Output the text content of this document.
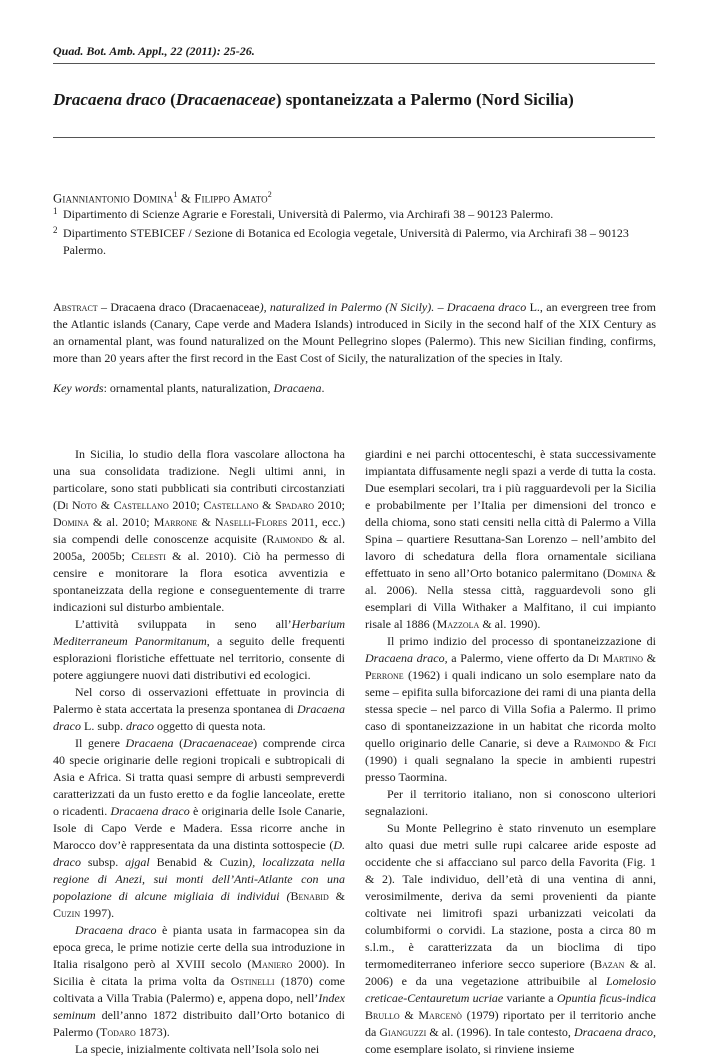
Quad. Bot. Amb. Appl., 22 (2011): 25-26.
Dracaena draco (Dracaenaceae) spontaneizzata a Palermo (Nord Sicilia)
Gianniantonio Domina$^1$ & Filippo Amato$^2$
1 Dipartimento di Scienze Agrarie e Forestali, Università di Palermo, via Archirafi 38 – 90123 Palermo.
2 Dipartimento STEBICEF / Sezione di Botanica ed Ecologia vegetale, Università di Palermo, via Archirafi 38 – 90123 Palermo.
Abstract – Dracaena draco (Dracaenaceae), naturalized in Palermo (N Sicily). – Dracaena draco L., an evergreen tree from the Atlantic islands (Canary, Cape verde and Madera Islands) introduced in Sicily in the second half of the XIX Century as an ornamental plant, was found naturalized on the Mount Pellegrino slopes (Palermo). This new Sicilian finding, confirms, more than 20 years after the first record in the East Cost of Sicily, the naturalization of the species in Italy.
Key words: ornamental plants, naturalization, Dracaena.

In Sicilia, lo studio della flora vascolare alloctona ha una sua consolidata tradizione. Negli ultimi anni, in particolare, sono stati pubblicati sia contributi circostanziati (Di Noto & Castellano 2010; Castellano & Spadaro 2010; Domina & al. 2010; Marrone & Naselli-Flores 2011, ecc.) sia compendi delle conoscenze acquisite (Raimondo & al. 2005a, 2005b; Celesti & al. 2010). Ciò ha permesso di censire e monitorare la flora esotica avventizia e spontaneizzata della regione e conseguentemente di trarre indicazioni sul disturbo ambientale.

L’attività sviluppata in seno all’Herbarium Mediterraneum Panormitanum, a seguito delle frequenti esplorazioni floristiche effettuate nel territorio, consente di potere aggiungere nuovi dati distributivi ed ecologici.

Nel corso di osservazioni effettuate in provincia di Palermo è stata accertata la presenza spontanea di Dracaena draco L. subp. draco oggetto di questa nota.

Il genere Dracaena (Dracaenaceae) comprende circa 40 specie originarie delle regioni tropicali e subtropicali di Asia e Africa. Si tratta quasi sempre di arbusti sempreverdi caratterizzati da un fusto eretto e da foglie lanceolate, erette o ricadenti. Dracaena draco è originaria delle Isole Canarie, Isole di Capo Verde e Madera. Essa ricorre anche in Marocco dov’è rappresentata da una distinta sottospecie (D. draco subsp. ajgal Benabid & Cuzin), localizzata nella regione di Anezi, sui monti dell’Anti-Atlante con una popolazione di alcune migliaia di individui (Benabid & Cuzin 1997).

Dracaena draco è pianta usata in farmacopea sin da epoca greca, le prime notizie certe della sua introduzione in Italia risalgono però al XVIII secolo (Maniero 2000). In Sicilia è citata la prima volta da Ostinelli (1870) come coltivata a Villa Trabia (Palermo) e, appena dopo, nell’Index seminum dell’anno 1872 distribuito dall’Orto botanico di Palermo (Todaro 1873).

La specie, inizialmente coltivata nell’Isola solo nei

giardini e nei parchi ottocenteschi, è stata successivamente impiantata diffusamente negli spazi a verde di tutta la costa. Due esemplari secolari, tra i più ragguardevoli per la Sicilia e probabilmente per l’Italia per dimensioni del tronco e della chioma, sono stati censiti nella città di Palermo a Villa Spina – quartiere Resuttana-San Lorenzo – nell’ambito del lavoro di schedatura della flora ornamentale siciliana effettuato in seno all’Orto botanico palermitano (Domina & al. 2006). Nella stessa città, ragguardevoli sono gli esemplari di Villa Withaker a Malfitano, il cui impianto risale al 1886 (Mazzola & al. 1990).

Il primo indizio del processo di spontaneizzazione di Dracaena draco, a Palermo, viene offerto da Di Martino & Perrone (1962) i quali indicano un solo esemplare nato da seme – epifita sulla biforcazione dei rami di una pianta della stessa specie – nel parco di Villa Sofia a Palermo. Il primo caso di spontaneizzazione in un habitat che ricorda molto quello originario delle Canarie, si deve a Raimondo & Fici (1990) i quali segnalano la specie in ambienti rupestri presso Taormina.

Per il territorio italiano, non si conoscono ulteriori segnalazioni.

Su Monte Pellegrino è stato rinvenuto un esemplare alto quasi due metri sulle rupi calcaree aride esposte ad occidente che si affacciano sul parco della Favorita (Fig. 1 & 2). Tale individuo, dell’età di una ventina di anni, verosimilmente, deriva da semi provenienti da piante coltivate nei limitrofi spazi urbanizzati veicolati da columbiformi o corvidi. La stazione, posta a circa 80 m s.l.m., è caratterizzata da un bioclima di tipo termomediterraneo inferiore secco superiore (Bazan & al. 2006) e da una vegetazione attribuibile al Lomelosio creticae-Centauretum ucriae variante a Opuntia ficus-indica Brullo & Marcenò (1979) riportato per il territorio anche da Gianguzzi & al. (1996). In tale contesto, Dracaena draco, come esemplare isolato, si rinviene insieme
